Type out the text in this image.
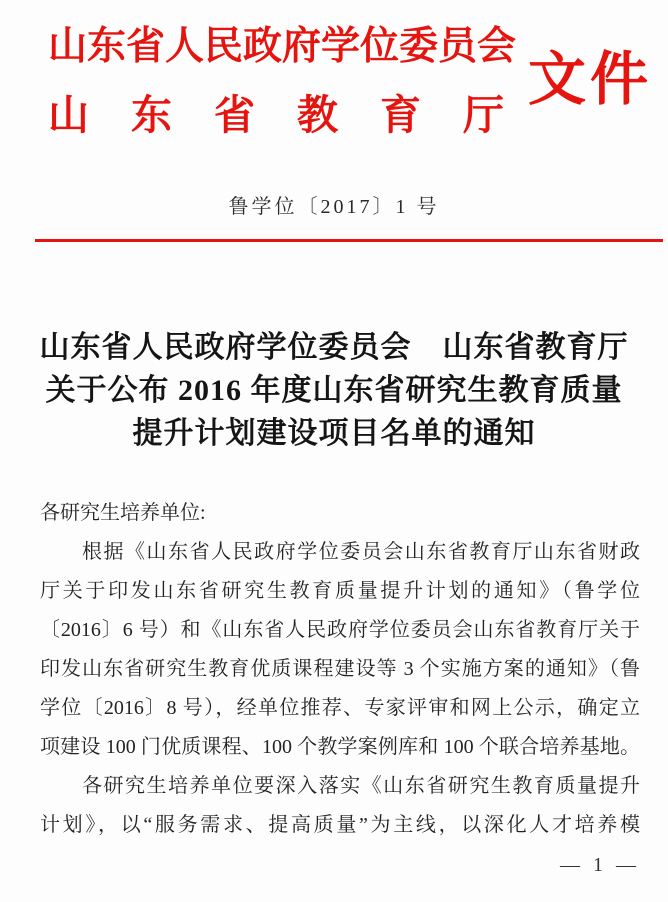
山东省人民政府学位委员会
山东省教育厅
文件
鲁学位〔2017〕1 号
山东省人民政府学位委员会　山东省教育厅
关于公布 2016 年度山东省研究生教育质量
提升计划建设项目名单的通知
各研究生培养单位:
根据《山东省人民政府学位委员会山东省教育厅山东省财政
厅关于印发山东省研究生教育质量提升计划的通知》（鲁学位
〔2016〕6 号）和《山东省人民政府学位委员会山东省教育厅关于
印发山东省研究生教育优质课程建设等 3 个实施方案的通知》（鲁
学位〔2016〕8 号），经单位推荐、专家评审和网上公示，确定立
项建设 100 门优质课程、100 个教学案例库和 100 个联合培养基地。
各研究生培养单位要深入落实《山东省研究生教育质量提升
计划》，以“服务需求、提高质量”为主线，以深化人才培养模
— 1 —
